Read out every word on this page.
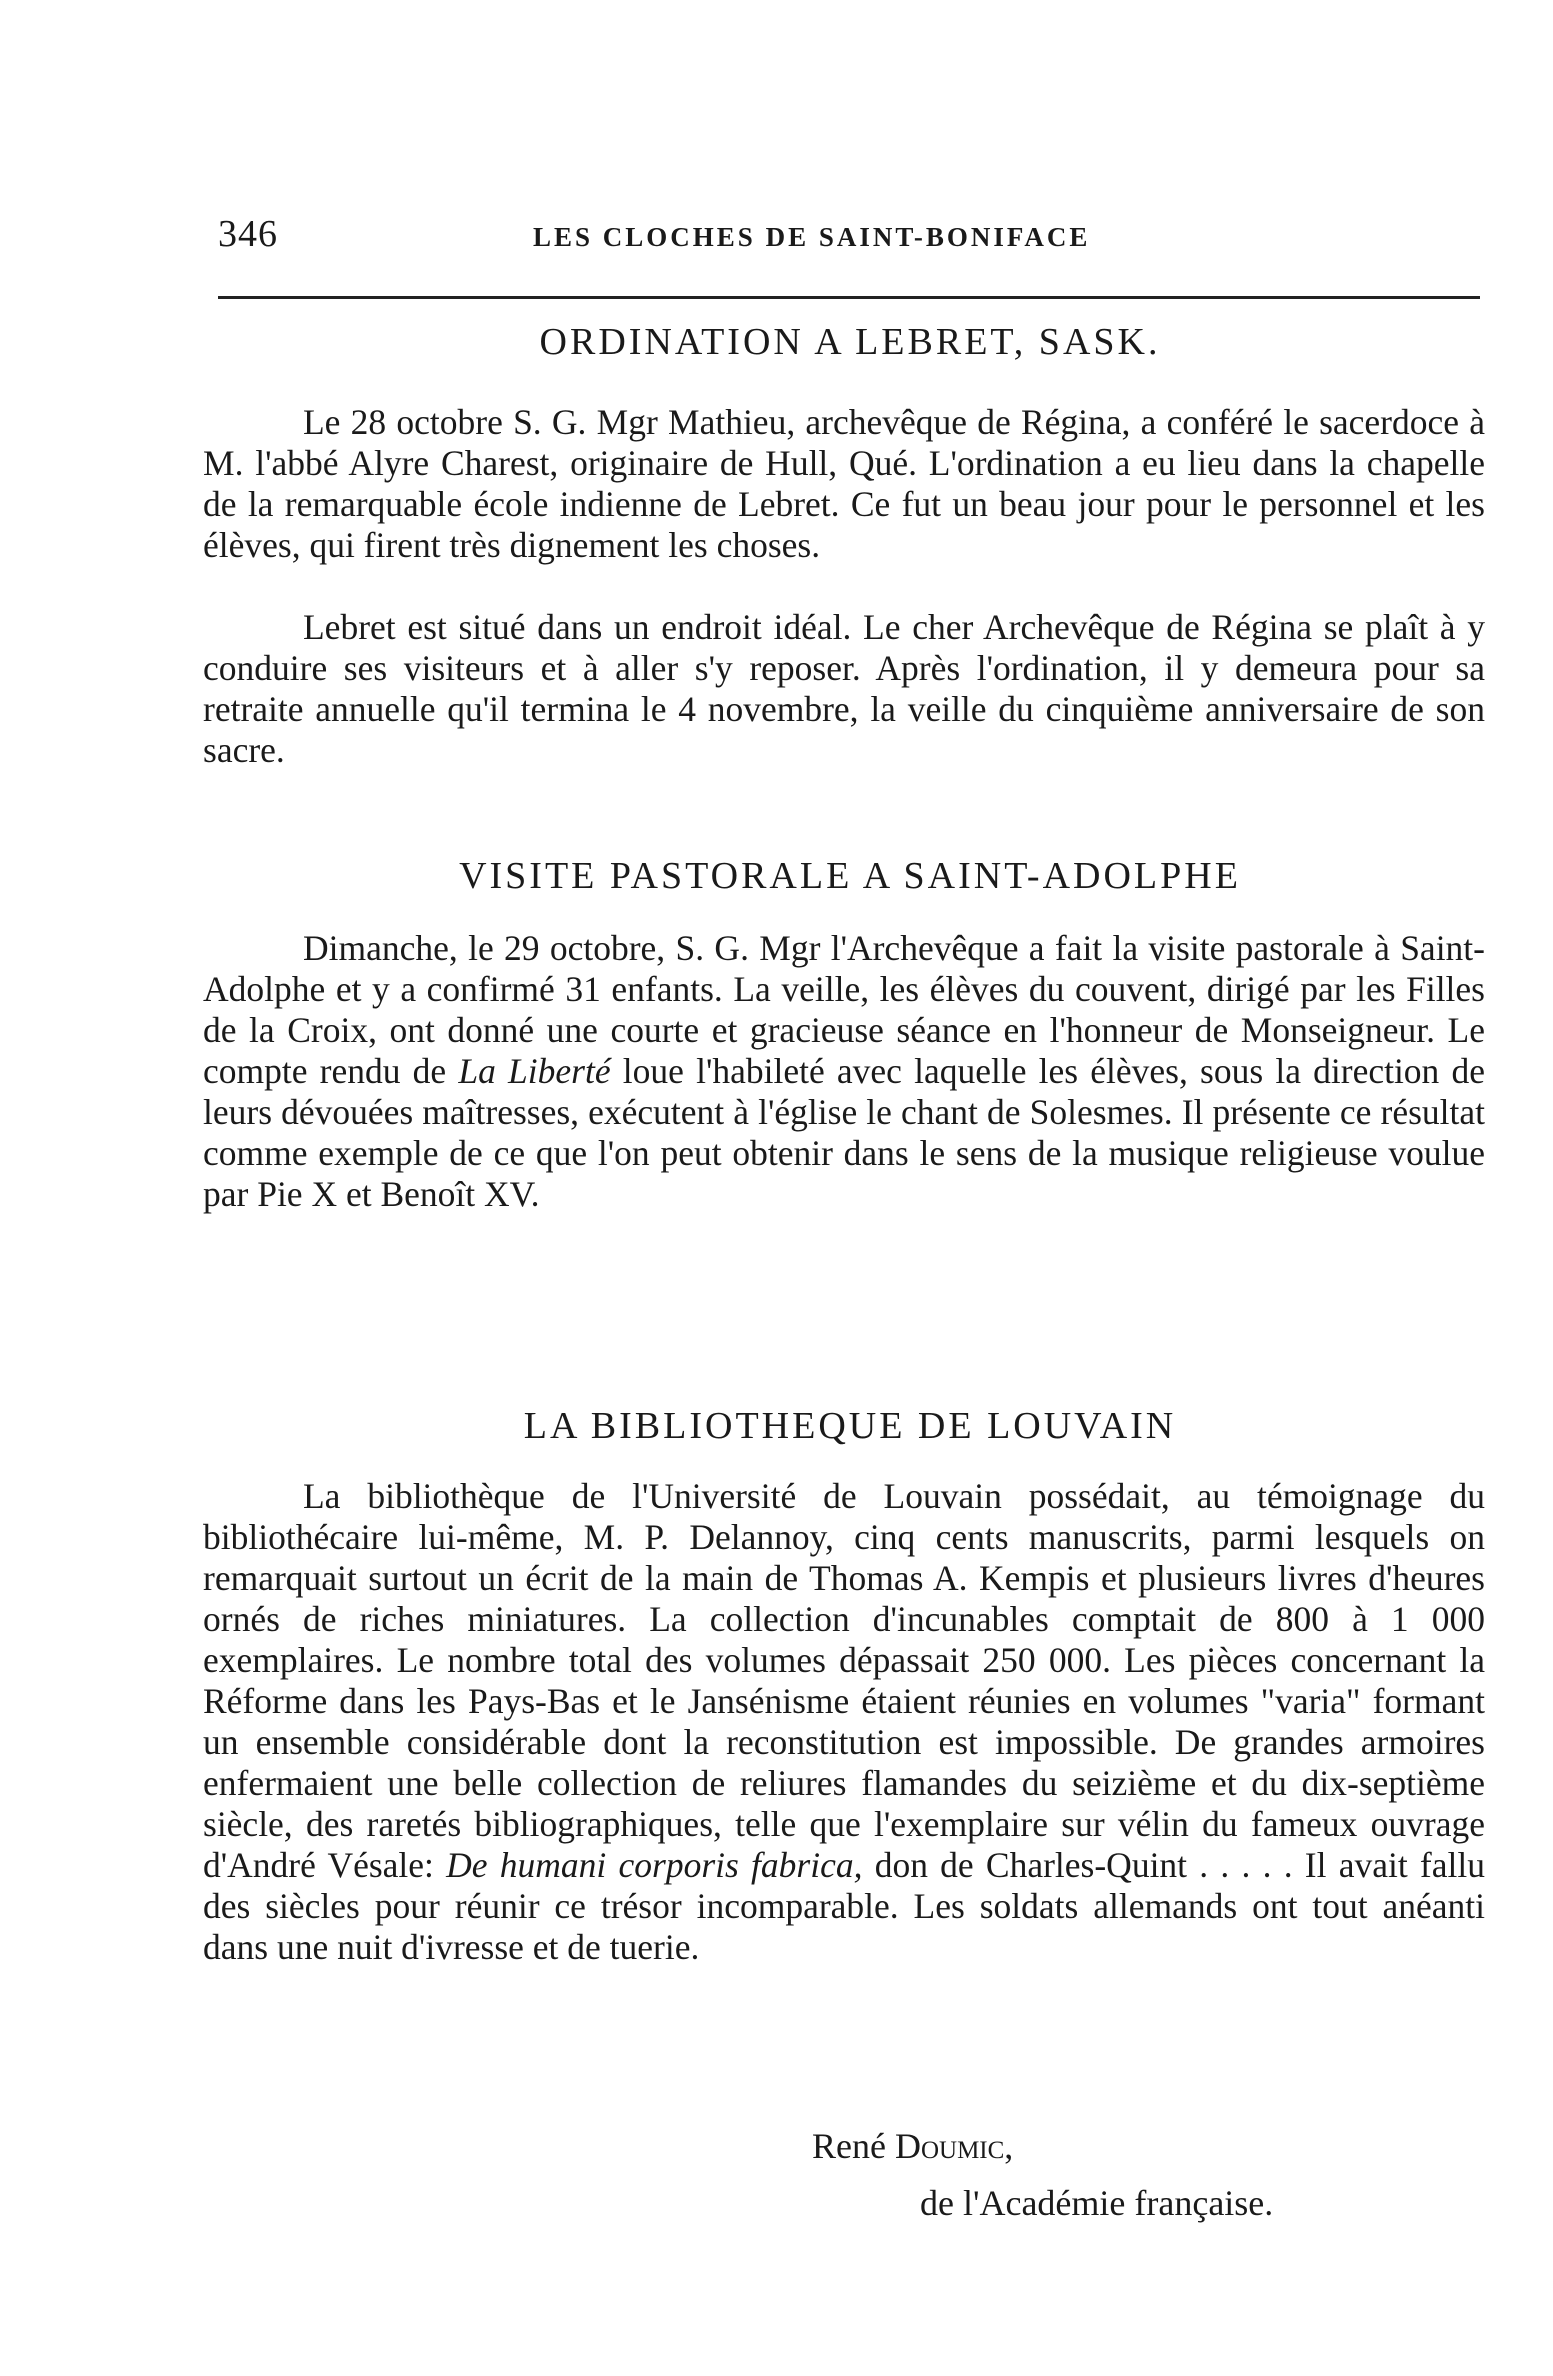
346	LES CLOCHES DE SAINT-BONIFACE
ORDINATION A LEBRET, SASK.

Le 28 octobre S. G. Mgr Mathieu, archevêque de Régina, a conféré le sacerdoce à M. l'abbé Alyre Charest, originaire de Hull, Qué. L'ordination a eu lieu dans la chapelle de la remarquable école indienne de Lebret. Ce fut un beau jour pour le personnel et les élèves, qui firent très dignement les choses.

Lebret est situé dans un endroit idéal. Le cher Archevêque de Régina se plaît à y conduire ses visiteurs et à aller s'y reposer. Après l'ordination, il y demeura pour sa retraite annuelle qu'il termina le 4 novembre, la veille du cinquième anniversaire de son sacre.

VISITE PASTORALE A SAINT-ADOLPHE

Dimanche, le 29 octobre, S. G. Mgr l'Archevêque a fait la visite pastorale à Saint-Adolphe et y a confirmé 31 enfants. La veille, les élèves du couvent, dirigé par les Filles de la Croix, ont donné une courte et gracieuse séance en l'honneur de Monseigneur. Le compte rendu de La Liberté loue l'habileté avec laquelle les élèves, sous la direction de leurs dévouées maîtresses, exécutent à l'église le chant de Solesmes. Il présente ce résultat comme exemple de ce que l'on peut obtenir dans le sens de la musique religieuse voulue par Pie X et Benoît XV.

LA BIBLIOTHEQUE DE LOUVAIN

La bibliothèque de l'Université de Louvain possédait, au témoignage du bibliothécaire lui-même, M. P. Delannoy, cinq cents manuscrits, parmi lesquels on remarquait surtout un écrit de la main de Thomas A. Kempis et plusieurs livres d'heures ornés de riches miniatures. La collection d'incunables comptait de 800 à 1 000 exemplaires. Le nombre total des volumes dépassait 250 000. Les pièces concernant la Réforme dans les Pays-Bas et le Jansénisme étaient réunies en volumes "varia" formant un ensemble considérable dont la reconstitution est impossible. De grandes armoires enfermaient une belle collection de reliures flamandes du seizième et du dix-septième siècle, des raretés bibliographiques, telle que l'exemplaire sur vélin du fameux ouvrage d'André Vésale: De humani corporis fabrica, don de Charles-Quint . . . . . Il avait fallu des siècles pour réunir ce trésor incomparable. Les soldats allemands ont tout anéanti dans une nuit d'ivresse et de tuerie.

René Doumic,
de l'Académie française.
